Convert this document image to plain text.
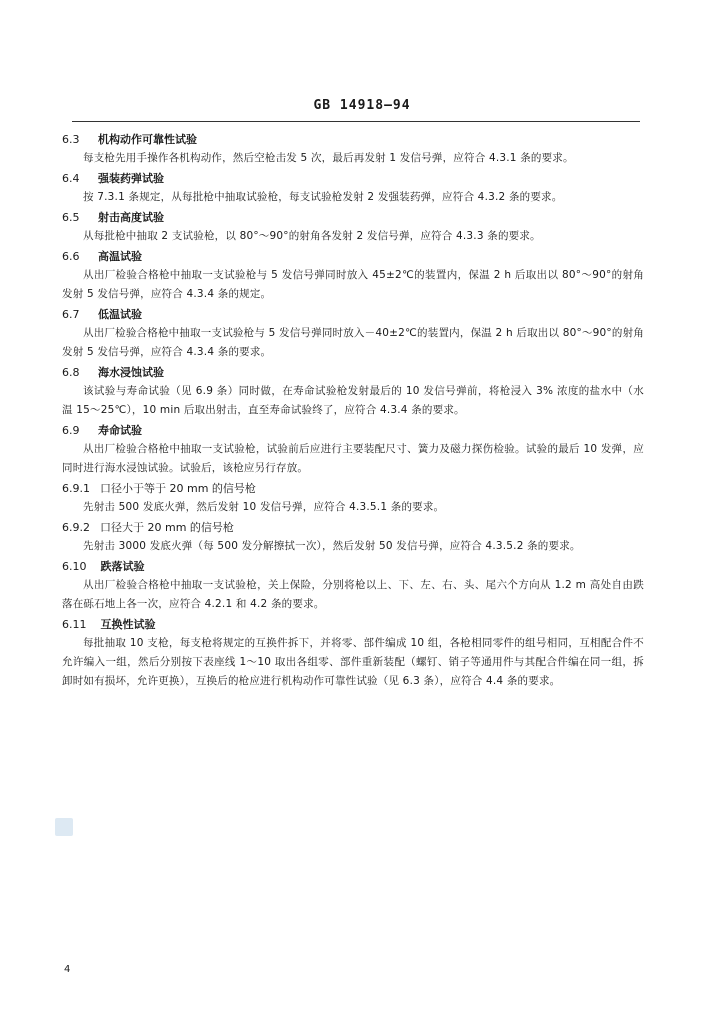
GB 14918—94
6.3	机构动作可靠性试验

每支枪先用手操作各机构动作，然后空枪击发 5 次，最后再发射 1 发信号弹，应符合 4.3.1 条的要求。

6.4	强装药弹试验

按 7.3.1 条规定，从每批枪中抽取试验枪，每支试验枪发射 2 发强装药弹，应符合 4.3.2 条的要求。

6.5	射击高度试验

从每批枪中抽取 2 支试验枪，以 80°～90°的射角各发射 2 发信号弹，应符合 4.3.3 条的要求。

6.6	高温试验

从出厂检验合格枪中抽取一支试验枪与 5 发信号弹同时放入 45±2℃的装置内，保温 2 h 后取出以 80°～90°的射角发射 5 发信号弹，应符合 4.3.4 条的规定。

6.7	低温试验

从出厂检验合格枪中抽取一支试验枪与 5 发信号弹同时放入－40±2℃的装置内，保温 2 h 后取出以 80°～90°的射角发射 5 发信号弹，应符合 4.3.4 条的要求。

6.8	海水浸蚀试验

该试验与寿命试验（见 6.9 条）同时做，在寿命试验枪发射最后的 10 发信号弹前，将枪浸入 3% 浓度的盐水中（水温 15～25℃），10 min 后取出射击，直至寿命试验终了，应符合 4.3.4 条的要求。

6.9	寿命试验

从出厂检验合格枪中抽取一支试验枪，试验前后应进行主要装配尺寸、簧力及磁力探伤检验。试验的最后 10 发弹，应同时进行海水浸蚀试验。试验后，该枪应另行存放。

6.9.1 口径小于等于 20 mm 的信号枪

先射击 500 发底火弹，然后发射 10 发信号弹，应符合 4.3.5.1 条的要求。

6.9.2 口径大于 20 mm 的信号枪

先射击 3000 发底火弹（每 500 发分解擦拭一次），然后发射 50 发信号弹，应符合 4.3.5.2 条的要求。

6.10 跌落试验

从出厂检验合格枪中抽取一支试验枪，关上保险，分别将枪以上、下、左、右、头、尾六个方向从 1.2 m 高处自由跌落在砾石地上各一次，应符合 4.2.1 和 4.2 条的要求。

6.11 互换性试验

每批抽取 10 支枪，每支枪将规定的互换件拆下，并将零、部件编成 10 组，各枪相同零件的组号相同，互相配合件不允许编入一组，然后分别按下表座线 1～10 取出各组零、部件重新装配（螺钉、销子等通用件与其配合件编在同一组，拆卸时如有损坏，允许更换），互换后的枪应进行机构动作可靠性试验（见 6.3 条），应符合 4.4 条的要求。

4
